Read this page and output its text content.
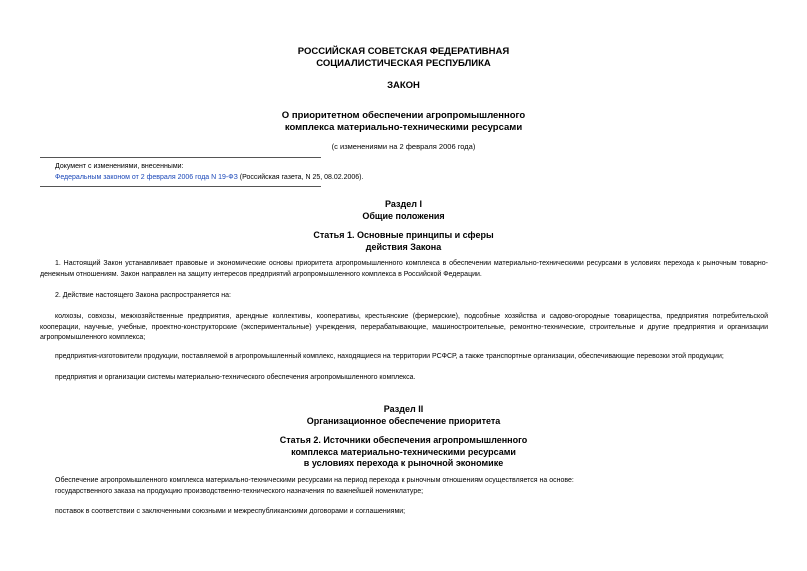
РОССИЙСКАЯ СОВЕТСКАЯ ФЕДЕРАТИВНАЯ
СОЦИАЛИСТИЧЕСКАЯ РЕСПУБЛИКА
ЗАКОН
О приоритетном обеспечении агропромышленного
комплекса материально-техническими ресурсами
(с изменениями на 2 февраля 2006 года)
Документ с изменениями, внесенными:
Федеральным законом от 2 февраля 2006 года N 19-ФЗ (Российская газета, N 25, 08.02.2006).
Раздел I
Общие положения
Статья 1. Основные принципы и сферы
действия Закона
1. Настоящий Закон устанавливает правовые и экономические основы приоритета агропромышленного комплекса в обеспечении материально-техническими ресурсами в условиях перехода к рыночным товарно-денежным отношениям. Закон направлен на защиту интересов предприятий агропромышленного комплекса в Российской Федерации.
2. Действие настоящего Закона распространяется на:
колхозы, совхозы, межхозяйственные предприятия, арендные коллективы, кооперативы, крестьянские (фермерские), подсобные хозяйства и садово-огородные товарищества, предприятия потребительской кооперации, научные, учебные, проектно-конструкторские (экспериментальные) учреждения, перерабатывающие, машиностроительные, ремонтно-технические, строительные и другие предприятия и организации агропромышленного комплекса;
предприятия-изготовители продукции, поставляемой в агропромышленный комплекс, находящиеся на территории РСФСР, а также транспортные организации, обеспечивающие перевозки этой продукции;
предприятия и организации системы материально-технического обеспечения агропромышленного комплекса.
Раздел II
Организационное обеспечение приоритета
Статья 2. Источники обеспечения агропромышленного
комплекса материально-техническими ресурсами
в условиях перехода к рыночной экономике
Обеспечение агропромышленного комплекса материально-техническими ресурсами на период перехода к рыночным отношениям осуществляется на основе:
государственного заказа на продукцию производственно-технического назначения по важнейшей номенклатуре;
поставок в соответствии с заключенными союзными и межреспубликанскими договорами и соглашениями;
